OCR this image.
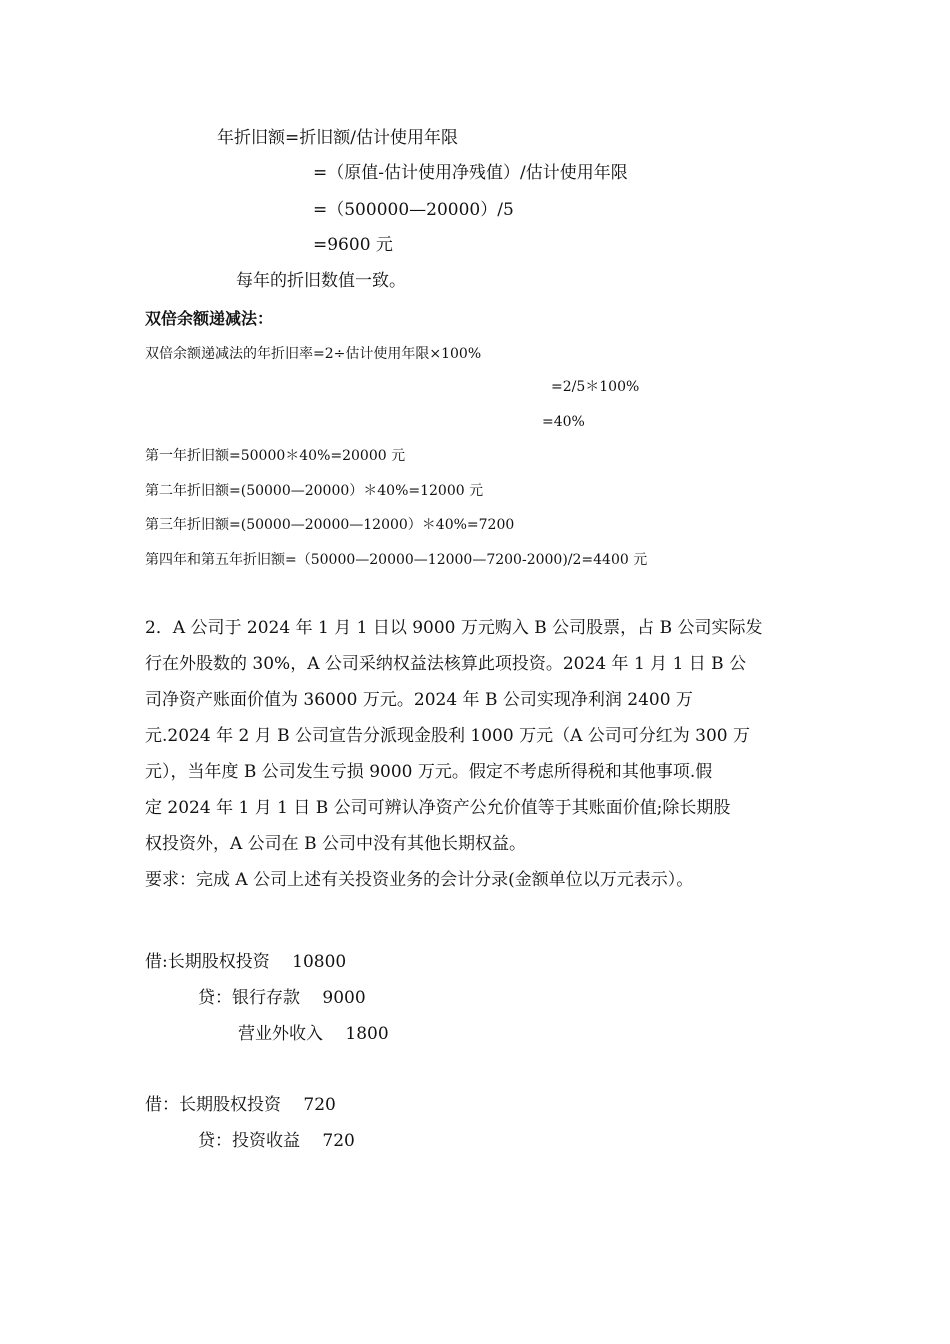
年折旧额=折旧额/估计使用年限
=（原值-估计使用净残值）/估计使用年限
=（500000—20000）/5
=9600 元
每年的折旧数值一致。
双倍余额递减法：
双倍余额递减法的年折旧率=2÷估计使用年限×100%
=2/5＊100%
=40%
第一年折旧额=50000＊40%=20000 元
第二年折旧额=(50000—20000）＊40%=12000 元
第三年折旧额=(50000—20000—12000）＊40%=7200
第四年和第五年折旧额=（50000—20000—12000—7200-2000)/2=4400 元

2．A 公司于 2024 年 1 月 1 日以 9000 万元购入 B 公司股票，占 B 公司实际发

行在外股数的 30%，A 公司采纳权益法核算此项投资。2024 年 1 月 1 日 B 公

司净资产账面价值为 36000 万元。2024 年 B 公司实现净利润 2400 万

元.2024 年 2 月 B 公司宣告分派现金股利 1000 万元（A 公司可分红为 300 万

元），当年度 B 公司发生亏损 9000 万元。假定不考虑所得税和其他事项.假

定 2024 年 1 月 1 日 B 公司可辨认净资产公允价值等于其账面价值;除长期股

权投资外，A 公司在 B 公司中没有其他长期权益。

要求：完成 A 公司上述有关投资业务的会计分录(金额单位以万元表示）。

借:长期股权投资　 10800
贷：银行存款　 9000
营业外收入　 1800
借：长期股权投资　 720
贷：投资收益　 720
